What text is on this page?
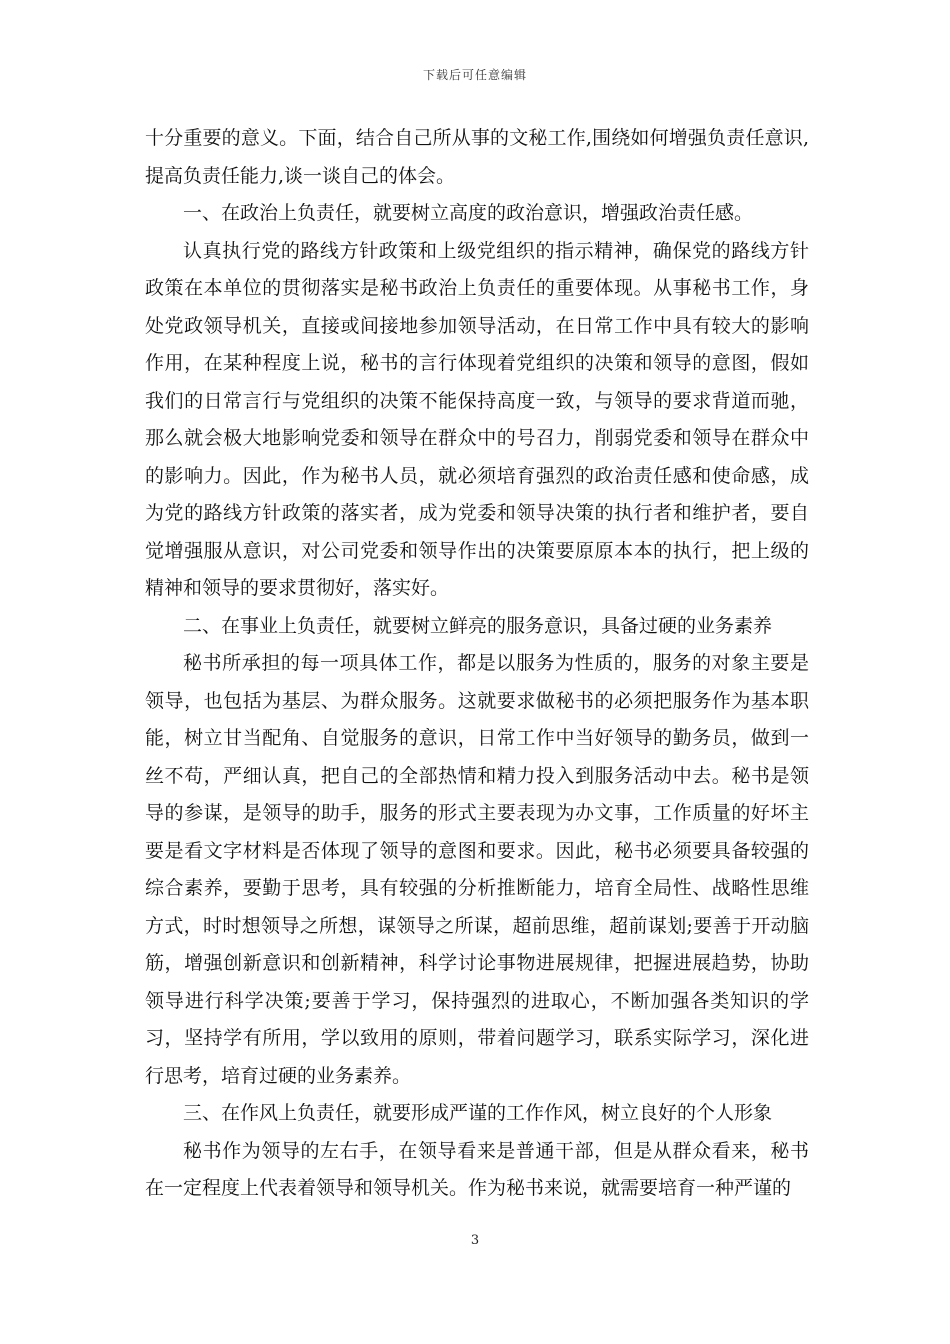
下载后可任意编辑

十分重要的意义。下面，结合自己所从事的文秘工作,围绕如何增强负责任意识,提高负责任能力,谈一谈自己的体会。

一、在政治上负责任，就要树立高度的政治意识，增强政治责任感。

认真执行党的路线方针政策和上级党组织的指示精神，确保党的路线方针政策在本单位的贯彻落实是秘书政治上负责任的重要体现。从事秘书工作，身处党政领导机关，直接或间接地参加领导活动，在日常工作中具有较大的影响作用，在某种程度上说，秘书的言行体现着党组织的决策和领导的意图，假如我们的日常言行与党组织的决策不能保持高度一致，与领导的要求背道而驰，那么就会极大地影响党委和领导在群众中的号召力，削弱党委和领导在群众中的影响力。因此，作为秘书人员，就必须培育强烈的政治责任感和使命感，成为党的路线方针政策的落实者，成为党委和领导决策的执行者和维护者，要自觉增强服从意识，对公司党委和领导作出的决策要原原本本的执行，把上级的精神和领导的要求贯彻好，落实好。

二、在事业上负责任，就要树立鲜亮的服务意识，具备过硬的业务素养

秘书所承担的每一项具体工作，都是以服务为性质的，服务的对象主要是领导，也包括为基层、为群众服务。这就要求做秘书的必须把服务作为基本职能，树立甘当配角、自觉服务的意识，日常工作中当好领导的勤务员，做到一丝不苟，严细认真，把自己的全部热情和精力投入到服务活动中去。秘书是领导的参谋，是领导的助手，服务的形式主要表现为办文事，工作质量的好坏主要是看文字材料是否体现了领导的意图和要求。因此，秘书必须要具备较强的综合素养，要勤于思考，具有较强的分析推断能力，培育全局性、战略性思维方式，时时想领导之所想，谋领导之所谋，超前思维，超前谋划;要善于开动脑筋，增强创新意识和创新精神，科学讨论事物进展规律，把握进展趋势，协助领导进行科学决策;要善于学习，保持强烈的进取心，不断加强各类知识的学习，坚持学有所用，学以致用的原则，带着问题学习，联系实际学习，深化进行思考，培育过硬的业务素养。

三、在作风上负责任，就要形成严谨的工作作风，树立良好的个人形象

秘书作为领导的左右手，在领导看来是普通干部，但是从群众看来，秘书在一定程度上代表着领导和领导机关。作为秘书来说，就需要培育一种严谨的

3
